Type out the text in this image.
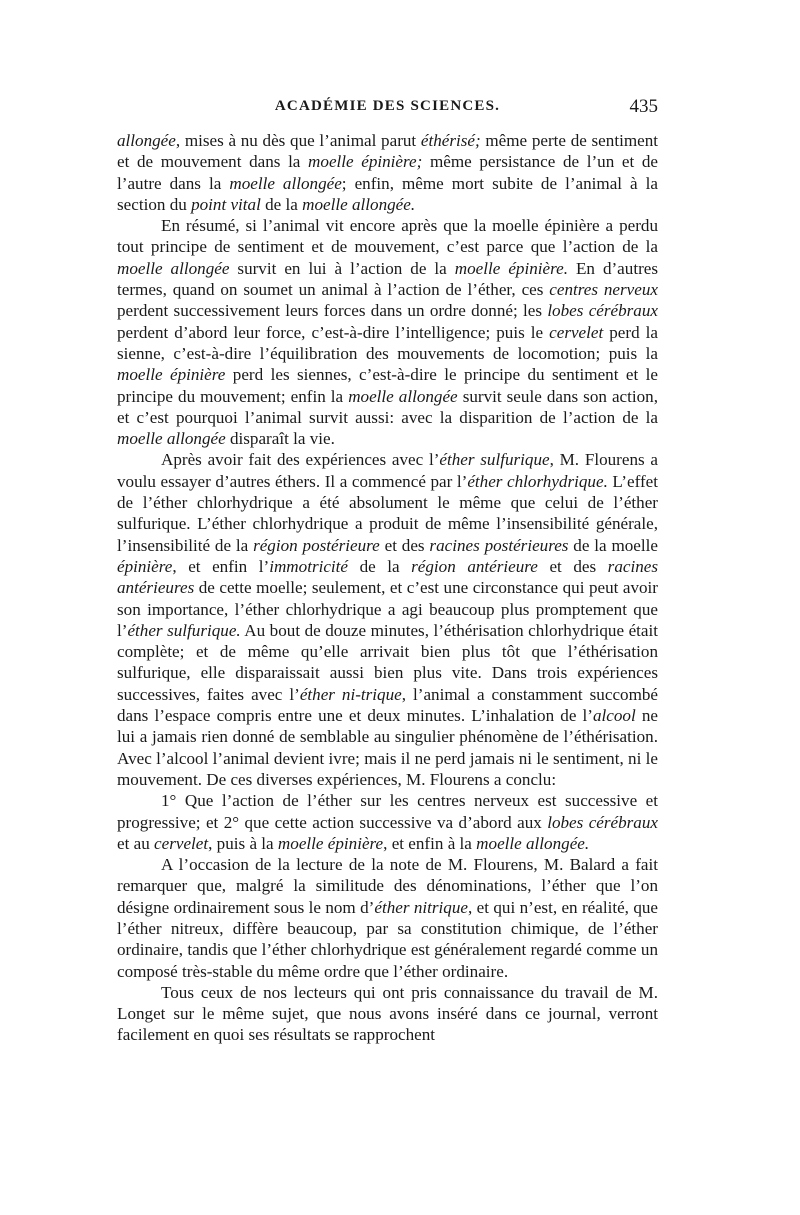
ACADÉMIE DES SCIENCES.	435

allongée, mises à nu dès que l’animal parut éthérisé; même perte de sentiment et de mouvement dans la moelle épinière; même persistance de l’un et de l’autre dans la moelle allongée; enfin, même mort subite de l’animal à la section du point vital de la moelle allongée.

En résumé, si l’animal vit encore après que la moelle épinière a perdu tout principe de sentiment et de mouvement, c’est parce que l’action de la moelle allongée survit en lui à l’action de la moelle épinière. En d’autres termes, quand on soumet un animal à l’action de l’éther, ces centres nerveux perdent successivement leurs forces dans un ordre donné; les lobes cérébraux perdent d’abord leur force, c’est-à-dire l’intelligence; puis le cervelet perd la sienne, c’est-à-dire l’équilibration des mouvements de locomotion; puis la moelle épinière perd les siennes, c’est-à-dire le principe du sentiment et le principe du mouvement; enfin la moelle allongée survit seule dans son action, et c’est pourquoi l’animal survit aussi: avec la disparition de l’action de la moelle allongée disparaît la vie.

Après avoir fait des expériences avec l’éther sulfurique, M. Flourens a voulu essayer d’autres éthers. Il a commencé par l’éther chlorhydrique. L’effet de l’éther chlorhydrique a été absolument le même que celui de l’éther sulfurique. L’éther chlorhydrique a produit de même l’insensibilité générale, l’insensibilité de la région postérieure et des racines postérieures de la moelle épinière, et enfin l’immotricité de la région antérieure et des racines antérieures de cette moelle; seulement, et c’est une circonstance qui peut avoir son importance, l’éther chlorhydrique a agi beaucoup plus promptement que l’éther sulfurique. Au bout de douze minutes, l’éthérisation chlorhydrique était complète; et de même qu’elle arrivait bien plus tôt que l’éthérisation sulfurique, elle disparaissait aussi bien plus vite. Dans trois expériences successives, faites avec l’éther ni-trique, l’animal a constamment succombé dans l’espace compris entre une et deux minutes. L’inhalation de l’alcool ne lui a jamais rien donné de semblable au singulier phénomène de l’éthérisation. Avec l’alcool l’animal devient ivre; mais il ne perd jamais ni le sentiment, ni le mouvement. De ces diverses expériences, M. Flourens a conclu:

1° Que l’action de l’éther sur les centres nerveux est successive et progressive; et 2° que cette action successive va d’abord aux lobes cérébraux et au cervelet, puis à la moelle épinière, et enfin à la moelle allongée.

A l’occasion de la lecture de la note de M. Flourens, M. Balard a fait remarquer que, malgré la similitude des dénominations, l’éther que l’on désigne ordinairement sous le nom d’éther nitrique, et qui n’est, en réalité, que l’éther nitreux, diffère beaucoup, par sa constitution chimique, de l’éther ordinaire, tandis que l’éther chlorhydrique est généralement regardé comme un composé très-stable du même ordre que l’éther ordinaire.

Tous ceux de nos lecteurs qui ont pris connaissance du travail de M. Longet sur le même sujet, que nous avons inséré dans ce journal, verront facilement en quoi ses résultats se rapprochent
